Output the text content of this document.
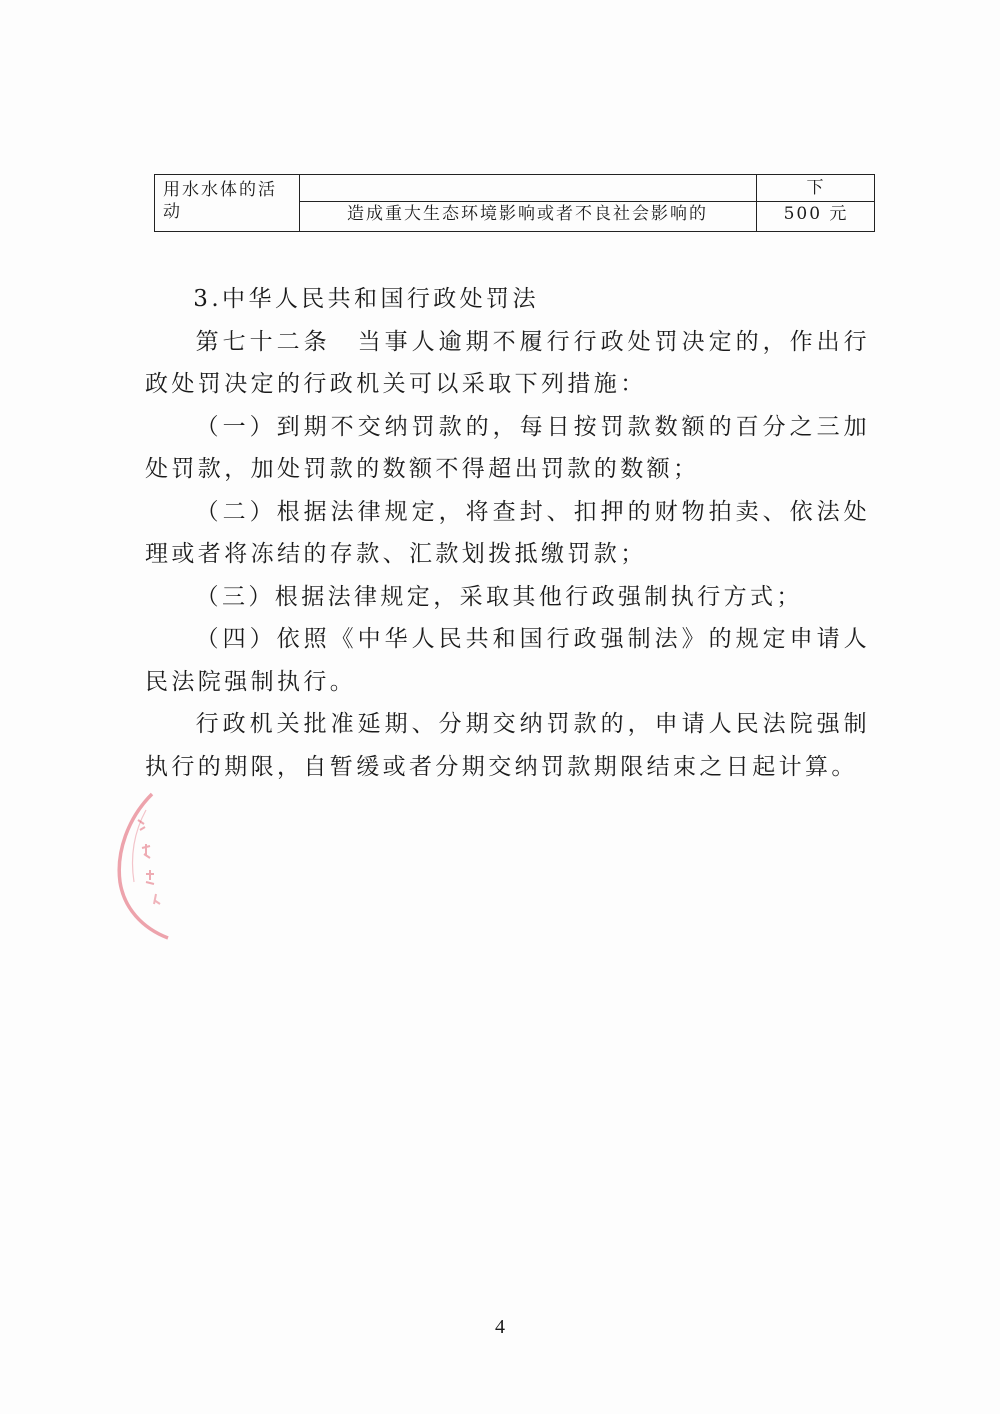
用水水体的活
动
下
造成重大生态环境影响或者不良社会影响的	500 元

3.中华人民共和国行政处罚法

第七十二条　当事人逾期不履行行政处罚决定的，作出行政处罚决定的行政机关可以采取下列措施：

（一）到期不交纳罚款的，每日按罚款数额的百分之三加处罚款，加处罚款的数额不得超出罚款的数额；

（二）根据法律规定，将查封、扣押的财物拍卖、依法处理或者将冻结的存款、汇款划拨抵缴罚款；

（三）根据法律规定，采取其他行政强制执行方式；

（四）依照《中华人民共和国行政强制法》的规定申请人民法院强制执行。

行政机关批准延期、分期交纳罚款的，申请人民法院强制执行的期限，自暂缓或者分期交纳罚款期限结束之日起计算。

4
